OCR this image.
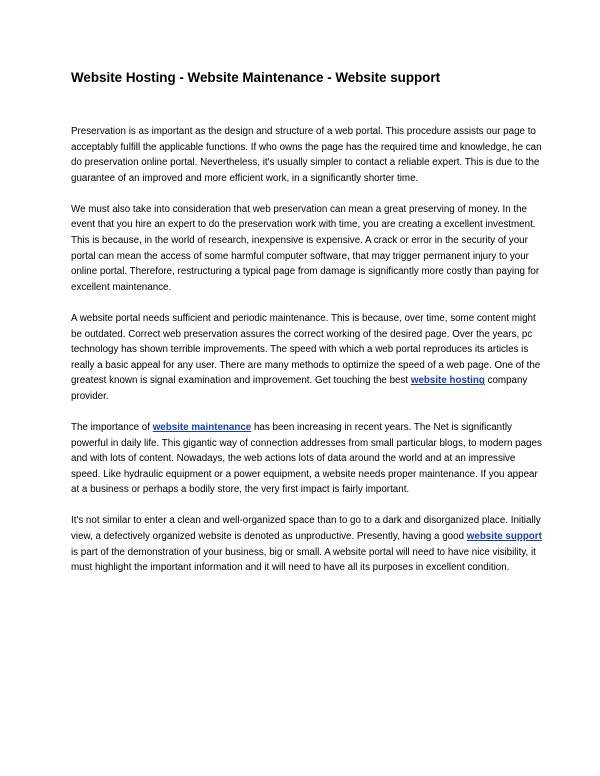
Website Hosting - Website Maintenance - Website support

Preservation is as important as the design and structure of a web portal. This procedure assists our page to acceptably fulfill the applicable functions. If who owns the page has the required time and knowledge, he can do preservation online portal. Nevertheless, it's usually simpler to contact a reliable expert. This is due to the guarantee of an improved and more efficient work, in a significantly shorter time.

We must also take into consideration that web preservation can mean a great preserving of money. In the event that you hire an expert to do the preservation work with time, you are creating a excellent investment. This is because, in the world of research, inexpensive is expensive. A crack or error in the security of your portal can mean the access of some harmful computer software, that may trigger permanent injury to your online portal. Therefore, restructuring a typical page from damage is significantly more costly than paying for excellent maintenance.

A website portal needs sufficient and periodic maintenance. This is because, over time, some content might be outdated. Correct web preservation assures the correct working of the desired page. Over the years, pc technology has shown terrible improvements. The speed with which a web portal reproduces its articles is really a basic appeal for any user. There are many methods to optimize the speed of a web page. One of the greatest known is signal examination and improvement. Get touching the best website hosting company provider.

The importance of website maintenance has been increasing in recent years. The Net is significantly powerful in daily life. This gigantic way of connection addresses from small particular blogs, to modern pages and with lots of content. Nowadays, the web actions lots of data around the world and at an impressive speed. Like hydraulic equipment or a power equipment, a website needs proper maintenance. If you appear at a business or perhaps a bodily store, the very first impact is fairly important.

It's not similar to enter a clean and well-organized space than to go to a dark and disorganized place. Initially view, a defectively organized website is denoted as unproductive. Presently, having a good website support is part of the demonstration of your business, big or small. A website portal will need to have nice visibility, it must highlight the important information and it will need to have all its purposes in excellent condition.
